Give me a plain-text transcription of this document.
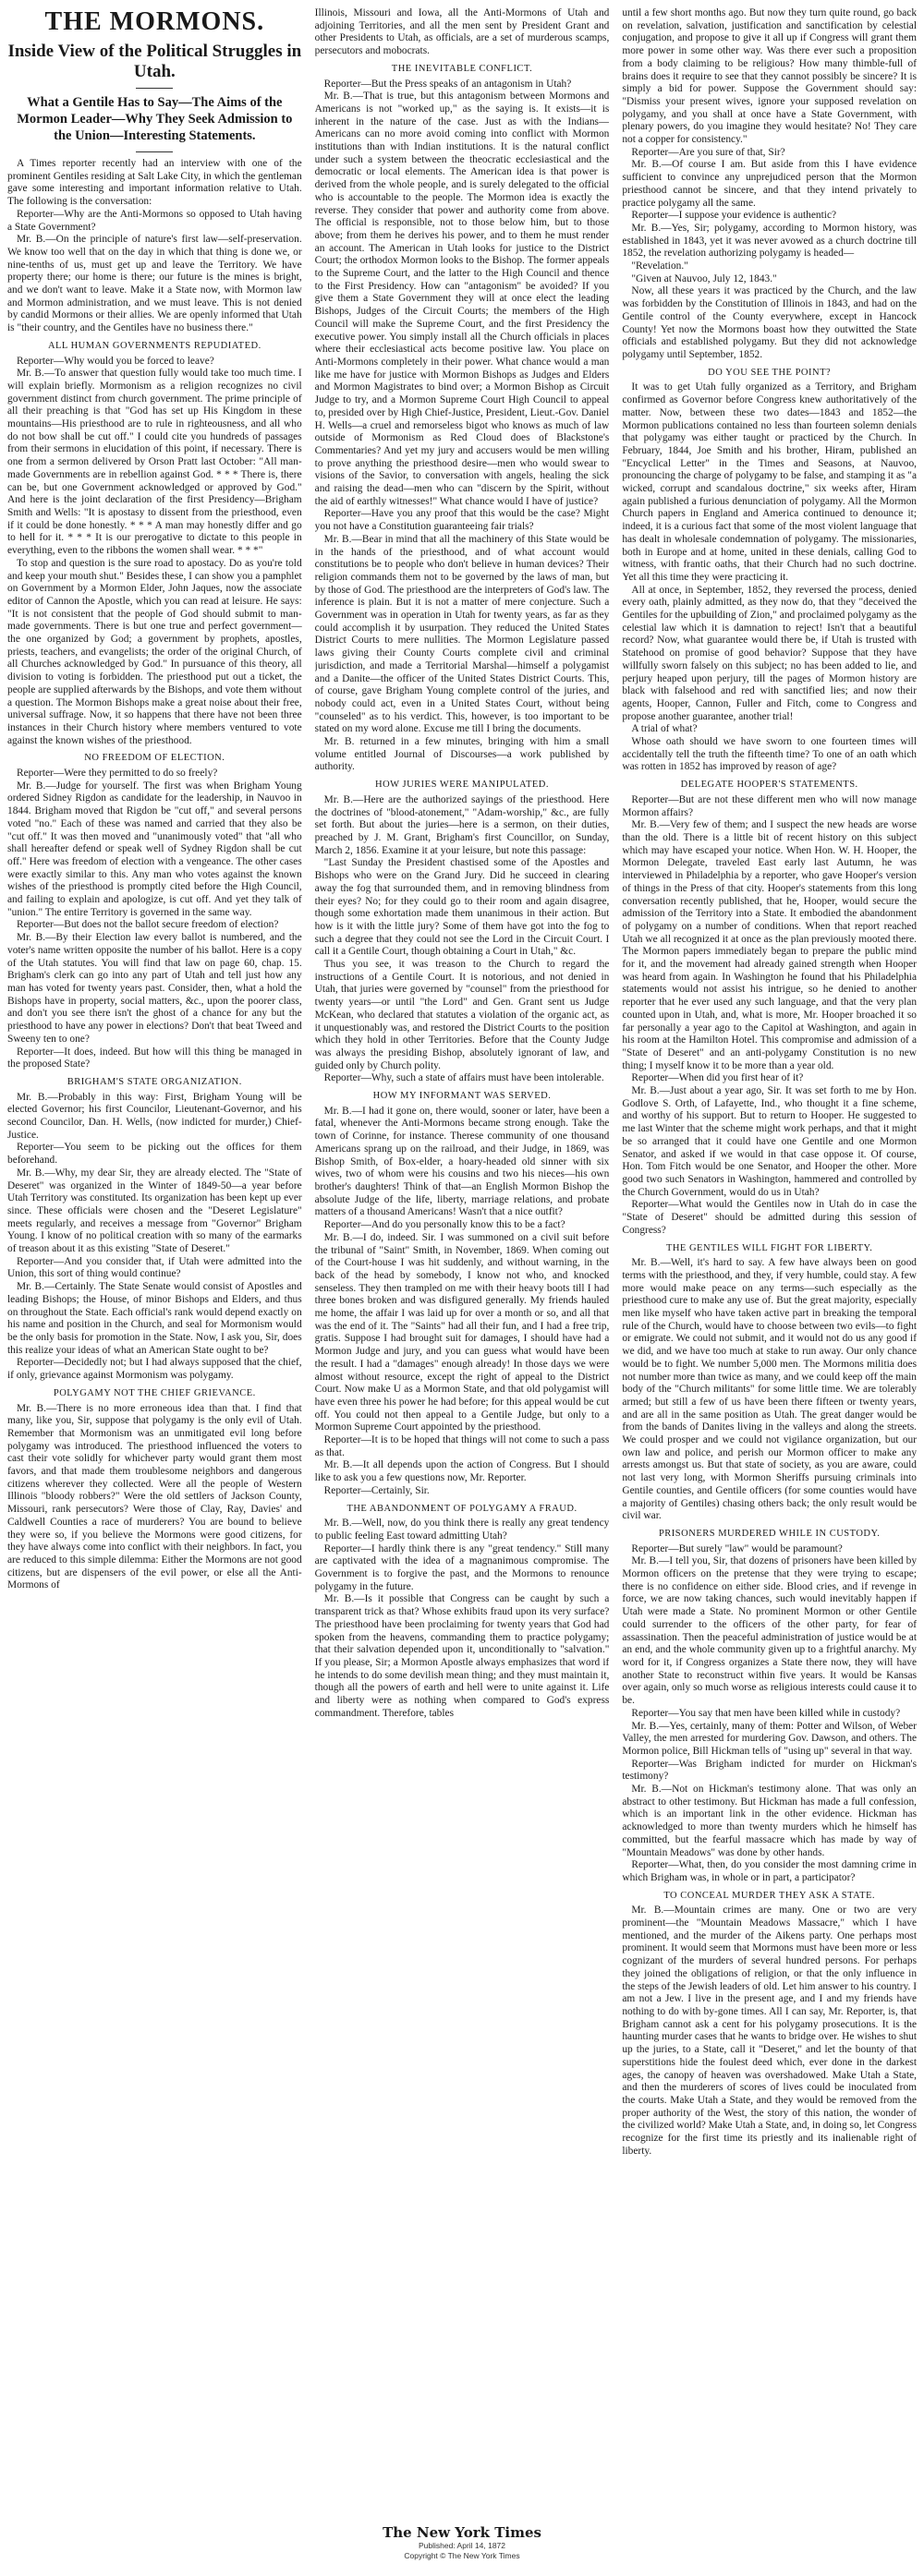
THE MORMONS.
Inside View of the Political Struggles in Utah.
What a Gentile Has to Say—The Aims of the Mormon Leader—Why They Seek Admission to the Union—Interesting Statements.

A Times reporter recently had an interview with one of the prominent Gentiles residing at Salt Lake City, in which the gentleman gave some interesting and important information relative to Utah. The following is the conversation:

Reporter—Why are the Anti-Mormons so opposed to Utah having a State Government?

Mr. B.—On the principle of nature's first law—self-preservation. We know too well that on the day in which that thing is done we, or nine-tenths of us, must get up and leave the Territory. We have property there; our home is there; our future is the mines is bright, and we don't want to leave. Make it a State now, with Mormon law and Mormon administration, and we must leave. This is not denied by candid Mormons or their allies. We are openly informed that Utah is "their country, and the Gentiles have no business there."

ALL HUMAN GOVERNMENTS REPUDIATED.

Reporter—Why would you be forced to leave?

Mr. B.—To answer that question fully would take too much time. I will explain briefly. Mormonism as a religion recognizes no civil government distinct from church government. The prime principle of all their preaching is that "God has set up His Kingdom in these mountains—His priesthood are to rule in righteousness, and all who do not bow shall be cut off." I could cite you hundreds of passages from their sermons in elucidation of this point, if necessary. There is one from a sermon delivered by Orson Pratt last October: "All man-made Governments are in rebellion against God. * * * There is, there can be, but one Government acknowledged or approved by God." And here is the joint declaration of the first Presidency—Brigham Smith and Wells: "It is apostasy to dissent from the priesthood, even if it could be done honestly. * * * A man may honestly differ and go to hell for it. * * * It is our prerogative to dictate to this people in everything, even to the ribbons the women shall wear. * * *"

To stop and question is the sure road to apostacy. Do as you're told and keep your mouth shut." Besides these, I can show you a pamphlet on Government by a Mormon Elder, John Jaques, now the associate editor of Cannon the Apostle, which you can read at leisure. He says: "It is not consistent that the people of God should submit to man-made governments. There is but one true and perfect government—the one organized by God; a government by prophets, apostles, priests, teachers, and evangelists; the order of the original Church, of all Churches acknowledged by God." In pursuance of this theory, all division to voting is forbidden. The priesthood put out a ticket, the people are supplied afterwards by the Bishops, and vote them without a question. The Mormon Bishops make a great noise about their free, universal suffrage. Now, it so happens that there have not been three instances in their Church history where members ventured to vote against the known wishes of the priesthood.

NO FREEDOM OF ELECTION.

Reporter—Were they permitted to do so freely?

Mr. B.—Judge for yourself. The first was when Brigham Young ordered Sidney Rigdon as candidate for the leadership, in Nauvoo in 1844. Brigham moved that Rigdon be "cut off," and several persons voted "no." Each of these was named and carried that they also be "cut off." It was then moved and "unanimously voted" that "all who shall hereafter defend or speak well of Sydney Rigdon shall be cut off." Here was freedom of election with a vengeance. The other cases were exactly similar to this. Any man who votes against the known wishes of the priesthood is promptly cited before the High Council, and failing to explain and apologize, is cut off. And yet they talk of "union." The entire Territory is governed in the same way.

Reporter—But does not the ballot secure freedom of election?

Mr. B.—By their Election law every ballot is numbered, and the voter's name written opposite the number of his ballot. Here is a copy of the Utah statutes. You will find that law on page 60, chap. 15. Brigham's clerk can go into any part of Utah and tell just how any man has voted for twenty years past. Consider, then, what a hold the Bishops have in property, social matters, &c., upon the poorer class, and don't you see there isn't the ghost of a chance for any but the priesthood to have any power in elections? Don't that beat Tweed and Sweeny ten to one?

Reporter—It does, indeed. But how will this thing be managed in the proposed State?

BRIGHAM'S STATE ORGANIZATION.

Mr. B.—Probably in this way: First, Brigham Young will be elected Governor; his first Councilor, Lieutenant-Governor, and his second Councilor, Dan. H. Wells, (now indicted for murder,) Chief-Justice.

Reporter—You seem to be picking out the offices for them beforehand.

Mr. B.—Why, my dear Sir, they are already elected. The "State of Deseret" was organized in the Winter of 1849-50—a year before Utah Territory was constituted. Its organization has been kept up ever since. These officials were chosen and the "Deseret Legislature" meets regularly, and receives a message from "Governor" Brigham Young. I know of no political creation with so many of the earmarks of treason about it as this existing "State of Deseret."

Reporter—And you consider that, if Utah were admitted into the Union, this sort of thing would continue?

Mr. B.—Certainly. The State Senate would consist of Apostles and leading Bishops; the House, of minor Bishops and Elders, and thus on throughout the State. Each official's rank would depend exactly on his name and position in the Church, and seal for Mormonism would be the only basis for promotion in the State. Now, I ask you, Sir, does this realize your ideas of what an American State ought to be?

Reporter—Decidedly not; but I had always supposed that the chief, if only, grievance against Mormonism was polygamy.

POLYGAMY NOT THE CHIEF GRIEVANCE.

Mr. B.—There is no more erroneous idea than that. I find that many, like you, Sir, suppose that polygamy is the only evil of Utah. Remember that Mormonism was an unmitigated evil long before polygamy was introduced. The priesthood influenced the voters to cast their vote solidly for whichever party would grant them most favors, and that made them troublesome neighbors and dangerous citizens wherever they collected. Were all the people of Western Illinois "bloody robbers?" Were the old settlers of Jackson County, Missouri, rank persecutors? Were those of Clay, Ray, Davies' and Caldwell Counties a race of murderers? You are bound to believe they were so, if you believe the Mormons were good citizens, for they have always come into conflict with their neighbors. In fact, you are reduced to this simple dilemma: Either the Mormons are not good citizens, but are dispensers of the evil power, or else all the Anti-Mormons of

Illinois, Missouri and Iowa, all the Anti-Mormons of Utah and adjoining Territories, and all the men sent by President Grant and other Presidents to Utah, as officials, are a set of murderous scamps, persecutors and mobocrats.

THE INEVITABLE CONFLICT.

Reporter—But the Press speaks of an antagonism in Utah?

Mr. B.—That is true, but this antagonism between Mormons and Americans is not "worked up," as the saying is. It exists—it is inherent in the nature of the case. Just as with the Indians—Americans can no more avoid coming into conflict with Mormon institutions than with Indian institutions. It is the natural conflict under such a system between the theocratic ecclesiastical and the democratic or local elements. The American idea is that power is derived from the whole people, and is surely delegated to the official who is accountable to the people. The Mormon idea is exactly the reverse. They consider that power and authority come from above. The official is responsible, not to those below him, but to those above; from them he derives his power, and to them he must render an account. The American in Utah looks for justice to the District Court; the orthodox Mormon looks to the Bishop. The former appeals to the Supreme Court, and the latter to the High Council and thence to the First Presidency. How can "antagonism" be avoided? If you give them a State Government they will at once elect the leading Bishops, Judges of the Circuit Courts; the members of the High Council will make the Supreme Court, and the first Presidency the executive power. You simply install all the Church officials in places where their ecclesiastical acts become positive law. You place on Anti-Mormons completely in their power. What chance would a man like me have for justice with Mormon Bishops as Judges and Elders and Mormon Magistrates to bind over; a Mormon Bishop as Circuit Judge to try, and a Mormon Supreme Court High Council to appeal to, presided over by High Chief-Justice, President, Lieut.-Gov. Daniel H. Wells—a cruel and remorseless bigot who knows as much of law outside of Mormonism as Red Cloud does of Blackstone's Commentaries? And yet my jury and accusers would be men willing to prove anything the priesthood desire—men who would swear to visions of the Savior, to conversation with angels, healing the sick and raising the dead—men who can "discern by the Spirit, without the aid of earthly witnesses!" What chance would I have of justice?

Reporter—Have you any proof that this would be the case? Might you not have a Constitution guaranteeing fair trials?

Mr. B.—Bear in mind that all the machinery of this State would be in the hands of the priesthood, and of what account would constitutions be to people who don't believe in human devices? Their religion commands them not to be governed by the laws of man, but by those of God. The priesthood are the interpreters of God's law. The inference is plain. But it is not a matter of mere conjecture. Such a Government was in operation in Utah for twenty years, as far as they could accomplish it by usurpation. They reduced the United States District Courts to mere nullities. The Mormon Legislature passed laws giving their County Courts complete civil and criminal jurisdiction, and made a Territorial Marshal—himself a polygamist and a Danite—the officer of the United States District Courts. This, of course, gave Brigham Young complete control of the juries, and nobody could act, even in a United States Court, without being "counseled" as to his verdict. This, however, is too important to be stated on my word alone. Excuse me till I bring the documents.

Mr. B. returned in a few minutes, bringing with him a small volume entitled Journal of Discourses—a work published by authority.

HOW JURIES WERE MANIPULATED.

Mr. B.—Here are the authorized sayings of the priesthood. Here the doctrines of "blood-atonement," "Adam-worship," &c., are fully set forth. But about the juries—here is a sermon, on their duties, preached by J. M. Grant, Brigham's first Councillor, on Sunday, March 2, 1856. Examine it at your leisure, but note this passage:

"Last Sunday the President chastised some of the Apostles and Bishops who were on the Grand Jury. Did he succeed in clearing away the fog that surrounded them, and in removing blindness from their eyes? No; for they could go to their room and again disagree, though some exhortation made them unanimous in their action. But how is it with the little jury? Some of them have got into the fog to such a degree that they could not see the Lord in the Circuit Court. I call it a Gentile Court, though obtaining a Court in Utah," &c.

Thus you see, it was treason to the Church to regard the instructions of a Gentile Court. It is notorious, and not denied in Utah, that juries were governed by "counsel" from the priesthood for twenty years—or until "the Lord" and Gen. Grant sent us Judge McKean, who declared that statutes a violation of the organic act, as it unquestionably was, and restored the District Courts to the position which they hold in other Territories. Before that the County Judge was always the presiding Bishop, absolutely ignorant of law, and guided only by Church polity.

Reporter—Why, such a state of affairs must have been intolerable.

HOW MY INFORMANT WAS SERVED.

Mr. B.—I had it gone on, there would, sooner or later, have been a fatal, whenever the Anti-Mormons became strong enough. Take the town of Corinne, for instance. Therese community of one thousand Americans sprang up on the railroad, and their Judge, in 1869, was Bishop Smith, of Box-elder, a hoary-headed old sinner with six wives, two of whom were his cousins and two his nieces—his own brother's daughters! Think of that—an English Mormon Bishop the absolute Judge of the life, liberty, marriage relations, and probate matters of a thousand Americans! Wasn't that a nice outfit?

Reporter—And do you personally know this to be a fact?

Mr. B.—I do, indeed. Sir. I was summoned on a civil suit before the tribunal of "Saint" Smith, in November, 1869. When coming out of the Court-house I was hit suddenly, and without warning, in the back of the head by somebody, I know not who, and knocked senseless. They then trampled on me with their heavy boots till I had three bones broken and was disfigured generally. My friends hauled me home, the affair I was laid up for over a month or so, and all that was the end of it. The "Saints" had all their fun, and I had a free trip, gratis. Suppose I had brought suit for damages, I should have had a Mormon Judge and jury, and you can guess what would have been the result. I had a "damages" enough already! In those days we were almost without resource, except the right of appeal to the District Court. Now make U as a Mormon State, and that old polygamist will have even three his power he had before; for this appeal would be cut off. You could not then appeal to a Gentile Judge, but only to a Mormon Supreme Court appointed by the priesthood.

Reporter—It is to be hoped that things will not come to such a pass as that.

Mr. B.—It all depends upon the action of Congress. But I should like to ask you a few questions now, Mr. Reporter.

Reporter—Certainly, Sir.

THE ABANDONMENT OF POLYGAMY A FRAUD.

Mr. B.—Well, now, do you think there is really any great tendency to public feeling East toward admitting Utah?

Reporter—I hardly think there is any "great tendency." Still many are captivated with the idea of a magnanimous compromise. The Government is to forgive the past, and the Mormons to renounce polygamy in the future.

Mr. B.—Is it possible that Congress can be caught by such a transparent trick as that? Whose exhibits fraud upon its very surface? The priesthood have been proclaiming for twenty years that God had spoken from the heavens, commanding them to practice polygamy; that their salvation depended upon it, unconditionally to "salvation." If you please, Sir; a Mormon Apostle always emphasizes that word if he intends to do some devilish mean thing; and they must maintain it, though all the powers of earth and hell were to unite against it. Life and liberty were as nothing when compared to God's express commandment. Therefore, tables

until a few short months ago. But now they turn quite round, go back on revelation, salvation, justification and sanctification by celestial conjugation, and propose to give it all up if Congress will grant them more power in some other way. Was there ever such a proposition from a body claiming to be religious? How many thimble-full of brains does it require to see that they cannot possibly be sincere? It is simply a bid for power. Suppose the Government should say: "Dismiss your present wives, ignore your supposed revelation on polygamy, and you shall at once have a State Government, with plenary powers, do you imagine they would hesitate? No! They care not a copper for consistency."

Reporter—Are you sure of that, Sir?

Mr. B.—Of course I am. But aside from this I have evidence sufficient to convince any unprejudiced person that the Mormon priesthood cannot be sincere, and that they intend privately to practice polygamy all the same.

Reporter—I suppose your evidence is authentic?

Mr. B.—Yes, Sir; polygamy, according to Mormon history, was established in 1843, yet it was never avowed as a church doctrine till 1852, the revelation authorizing polygamy is headed—

"Revelation."

"Given at Nauvoo, July 12, 1843."

Now, all these years it was practiced by the Church, and the law was forbidden by the Constitution of Illinois in 1843, and had on the Gentile control of the County everywhere, except in Hancock County! Yet now the Mormons boast how they outwitted the State officials and established polygamy. But they did not acknowledge polygamy until September, 1852.

DO YOU SEE THE POINT?

It was to get Utah fully organized as a Territory, and Brigham confirmed as Governor before Congress knew authoritatively of the matter. Now, between these two dates—1843 and 1852—the Mormon publications contained no less than fourteen solemn denials that polygamy was either taught or practiced by the Church. In February, 1844, Joe Smith and his brother, Hiram, published an "Encyclical Letter" in the Times and Seasons, at Nauvoo, pronouncing the charge of polygamy to be false, and stamping it as "a wicked, corrupt and scandalous doctrine," six weeks after, Hiram again published a furious denunciation of polygamy. All the Mormon Church papers in England and America continued to denounce it; indeed, it is a curious fact that some of the most violent language that has dealt in wholesale condemnation of polygamy. The missionaries, both in Europe and at home, united in these denials, calling God to witness, with frantic oaths, that their Church had no such doctrine. Yet all this time they were practicing it.

All at once, in September, 1852, they reversed the process, denied every oath, plainly admitted, as they now do, that they "deceived the Gentiles for the upbuilding of Zion," and proclaimed polygamy as the celestial law which it is damnation to reject! Isn't that a beautiful record? Now, what guarantee would there be, if Utah is trusted with Statehood on promise of good behavior? Suppose that they have willfully sworn falsely on this subject; no has been added to lie, and perjury heaped upon perjury, till the pages of Mormon history are black with falsehood and red with sanctified lies; and now their agents, Hooper, Cannon, Fuller and Fitch, come to Congress and propose another guarantee, another trial!

A trial of what?

Whose oath should we have sworn to one fourteen times will accidentally tell the truth the fifteenth time? To one of an oath which was rotten in 1852 has improved by reason of age?

DELEGATE HOOPER'S STATEMENTS.

Reporter—But are not these different men who will now manage Mormon affairs?

Mr. B.—Very few of them; and I suspect the new heads are worse than the old. There is a little bit of recent history on this subject which may have escaped your notice. When Hon. W. H. Hooper, the Mormon Delegate, traveled East early last Autumn, he was interviewed in Philadelphia by a reporter, who gave Hooper's version of things in the Press of that city. Hooper's statements from this long conversation recently published, that he, Hooper, would secure the admission of the Territory into a State. It embodied the abandonment of polygamy on a number of conditions. When that report reached Utah we all recognized it at once as the plan previously mooted there. The Mormon papers immediately began to prepare the public mind for it, and the movement had already gained strength when Hooper was heard from again. In Washington he found that his Philadelphia statements would not assist his intrigue, so he denied to another reporter that he ever used any such language, and that the very plan counted upon in Utah, and, what is more, Mr. Hooper broached it so far personally a year ago to the Capitol at Washington, and again in his room at the Hamilton Hotel. This compromise and admission of a "State of Deseret" and an anti-polygamy Constitution is no new thing; I myself know it to be more than a year old.

Reporter—When did you first hear of it?

Mr. B.—Just about a year ago, Sir. It was set forth to me by Hon. Godlove S. Orth, of Lafayette, Ind., who thought it a fine scheme, and worthy of his support. But to return to Hooper. He suggested to me last Winter that the scheme might work perhaps, and that it might be so arranged that it could have one Gentile and one Mormon Senator, and asked if we would in that case oppose it. Of course, Hon. Tom Fitch would be one Senator, and Hooper the other. More good two such Senators in Washington, hammered and controlled by the Church Government, would do us in Utah?

Reporter—What would the Gentiles now in Utah do in case the "State of Deseret" should be admitted during this session of Congress?

THE GENTILES WILL FIGHT FOR LIBERTY.

Mr. B.—Well, it's hard to say. A few have always been on good terms with the priesthood, and they, if very humble, could stay. A few more would make peace on any terms—such especially as the priesthood cure to make any use of. But the great majority, especially men like myself who have taken active part in breaking the temporal rule of the Church, would have to choose between two evils—to fight or emigrate. We could not submit, and it would not do us any good if we did, and we have too much at stake to run away. Our only chance would be to fight. We number 5,000 men. The Mormons militia does not number more than twice as many, and we could keep off the main body of the "Church militants" for some little time. We are tolerably armed; but still a few of us have been there fifteen or twenty years, and are all in the same position as Utah. The great danger would be from the bands of Danites living in the valleys and along the streets. We could prosper and we could not vigilance organization, but our own law and police, and perish our Mormon officer to make any arrests amongst us. But that state of society, as you are aware, could not last very long, with Mormon Sheriffs pursuing criminals into Gentile counties, and Gentile officers (for some counties would have a majority of Gentiles) chasing others back; the only result would be civil war.

PRISONERS MURDERED WHILE IN CUSTODY.

Reporter—But surely "law" would be paramount?

Mr. B.—I tell you, Sir, that dozens of prisoners have been killed by Mormon officers on the pretense that they were trying to escape; there is no confidence on either side. Blood cries, and if revenge in force, we are now taking chances, such would inevitably happen if Utah were made a State. No prominent Mormon or other Gentile could surrender to the officers of the other party, for fear of assassination. Then the peaceful administration of justice would be at an end, and the whole community given up to a frightful anarchy. My word for it, if Congress organizes a State there now, they will have another State to reconstruct within five years. It would be Kansas over again, only so much worse as religious interests could cause it to be.

Reporter—You say that men have been killed while in custody?

Mr. B.—Yes, certainly, many of them: Potter and Wilson, of Weber Valley, the men arrested for murdering Gov. Dawson, and others. The Mormon police, Bill Hickman tells of "using up" several in that way.

Reporter—Was Brigham indicted for murder on Hickman's testimony?

Mr. B.—Not on Hickman's testimony alone. That was only an abstract to other testimony. But Hickman has made a full confession, which is an important link in the other evidence. Hickman has acknowledged to more than twenty murders which he himself has committed, but the fearful massacre which has made by way of "Mountain Meadows" was done by other hands.

Reporter—What, then, do you consider the most damning crime in which Brigham was, in whole or in part, a participator?

TO CONCEAL MURDER THEY ASK A STATE.

Mr. B.—Mountain crimes are many. One or two are very prominent—the "Mountain Meadows Massacre," which I have mentioned, and the murder of the Aikens party. One perhaps most prominent. It would seem that Mormons must have been more or less cognizant of the murders of several hundred persons. For perhaps they joined the obligations of religion, or that the only influence in the steps of the Jewish leaders of old. Let him answer to his country. I am not a Jew. I live in the present age, and I and my friends have nothing to do with by-gone times. All I can say, Mr. Reporter, is, that Brigham cannot ask a cent for his polygamy prosecutions. It is the haunting murder cases that he wants to bridge over. He wishes to shut up the juries, to a State, call it "Deseret," and let the bounty of that superstitions hide the foulest deed which, ever done in the darkest ages, the canopy of heaven was overshadowed. Make Utah a State, and then the murderers of scores of lives could be inoculated from the courts. Make Utah a State, and they would be removed from the proper authority of the West, the story of this nation, the wonder of the civilized world? Make Utah a State, and, in doing so, let Congress recognize for the first time its priestly and its inalienable right of liberty.

The New York Times
Published: April 14, 1872
Copyright © The New York Times
